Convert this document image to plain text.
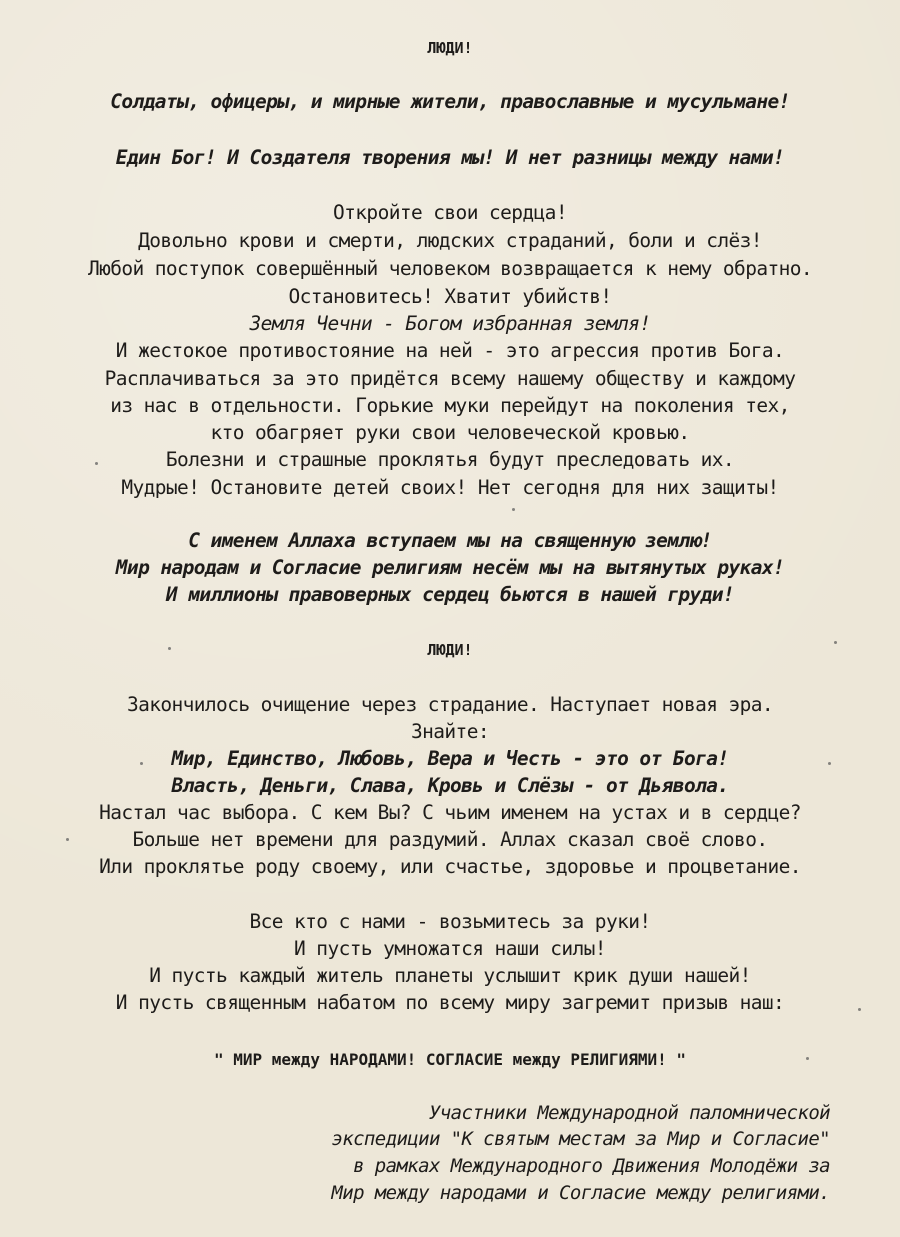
ЛЮДИ!
Солдаты, офицеры, и мирные жители, православные и мусульмане!
Един Бог! И Создателя творения мы! И нет разницы между нами!
Откройте свои сердца!
Довольно крови и смерти, людских страданий, боли и слёз!
Любой поступок совершённый человеком возвращается к нему обратно.
Остановитесь! Хватит убийств!
Земля Чечни - Богом избранная земля!
И жестокое противостояние на ней - это агрессия против Бога.
Расплачиваться за это придётся всему нашему обществу и каждому
из нас в отдельности. Горькие муки перейдут на поколения тех,
кто обагряет руки свои человеческой кровью.
Болезни и страшные проклятья будут преследовать их.
Мудрые! Остановите детей своих! Нет сегодня для них защиты!
С именем Аллаха вступаем мы на священную землю!
Мир народам и Согласие религиям несём мы на вытянутых руках!
И миллионы правоверных сердец бьются в нашей груди!
ЛЮДИ!
Закончилось очищение через страдание. Наступает новая эра.
Знайте:
Мир, Единство, Любовь, Вера и Честь - это от Бога!
Власть, Деньги, Слава, Кровь и Слёзы - от Дьявола.
Настал час выбора. С кем Вы? С чьим именем на устах и в сердце?
Больше нет времени для раздумий. Аллах сказал своё слово.
Или проклятье роду своему, или счастье, здоровье и процветание.
Все кто с нами - возьмитесь за руки!
И пусть умножатся наши силы!
И пусть каждый житель планеты услышит крик души нашей!
И пусть священным набатом по всему миру загремит призыв наш:
" МИР между НАРОДАМИ! СОГЛАСИЕ между РЕЛИГИЯМИ! "
Участники Международной паломнической
экспедиции "К святым местам за Мир и Согласие"
в рамках Международного Движения Молодёжи за
Мир между народами и Согласие между религиями.
